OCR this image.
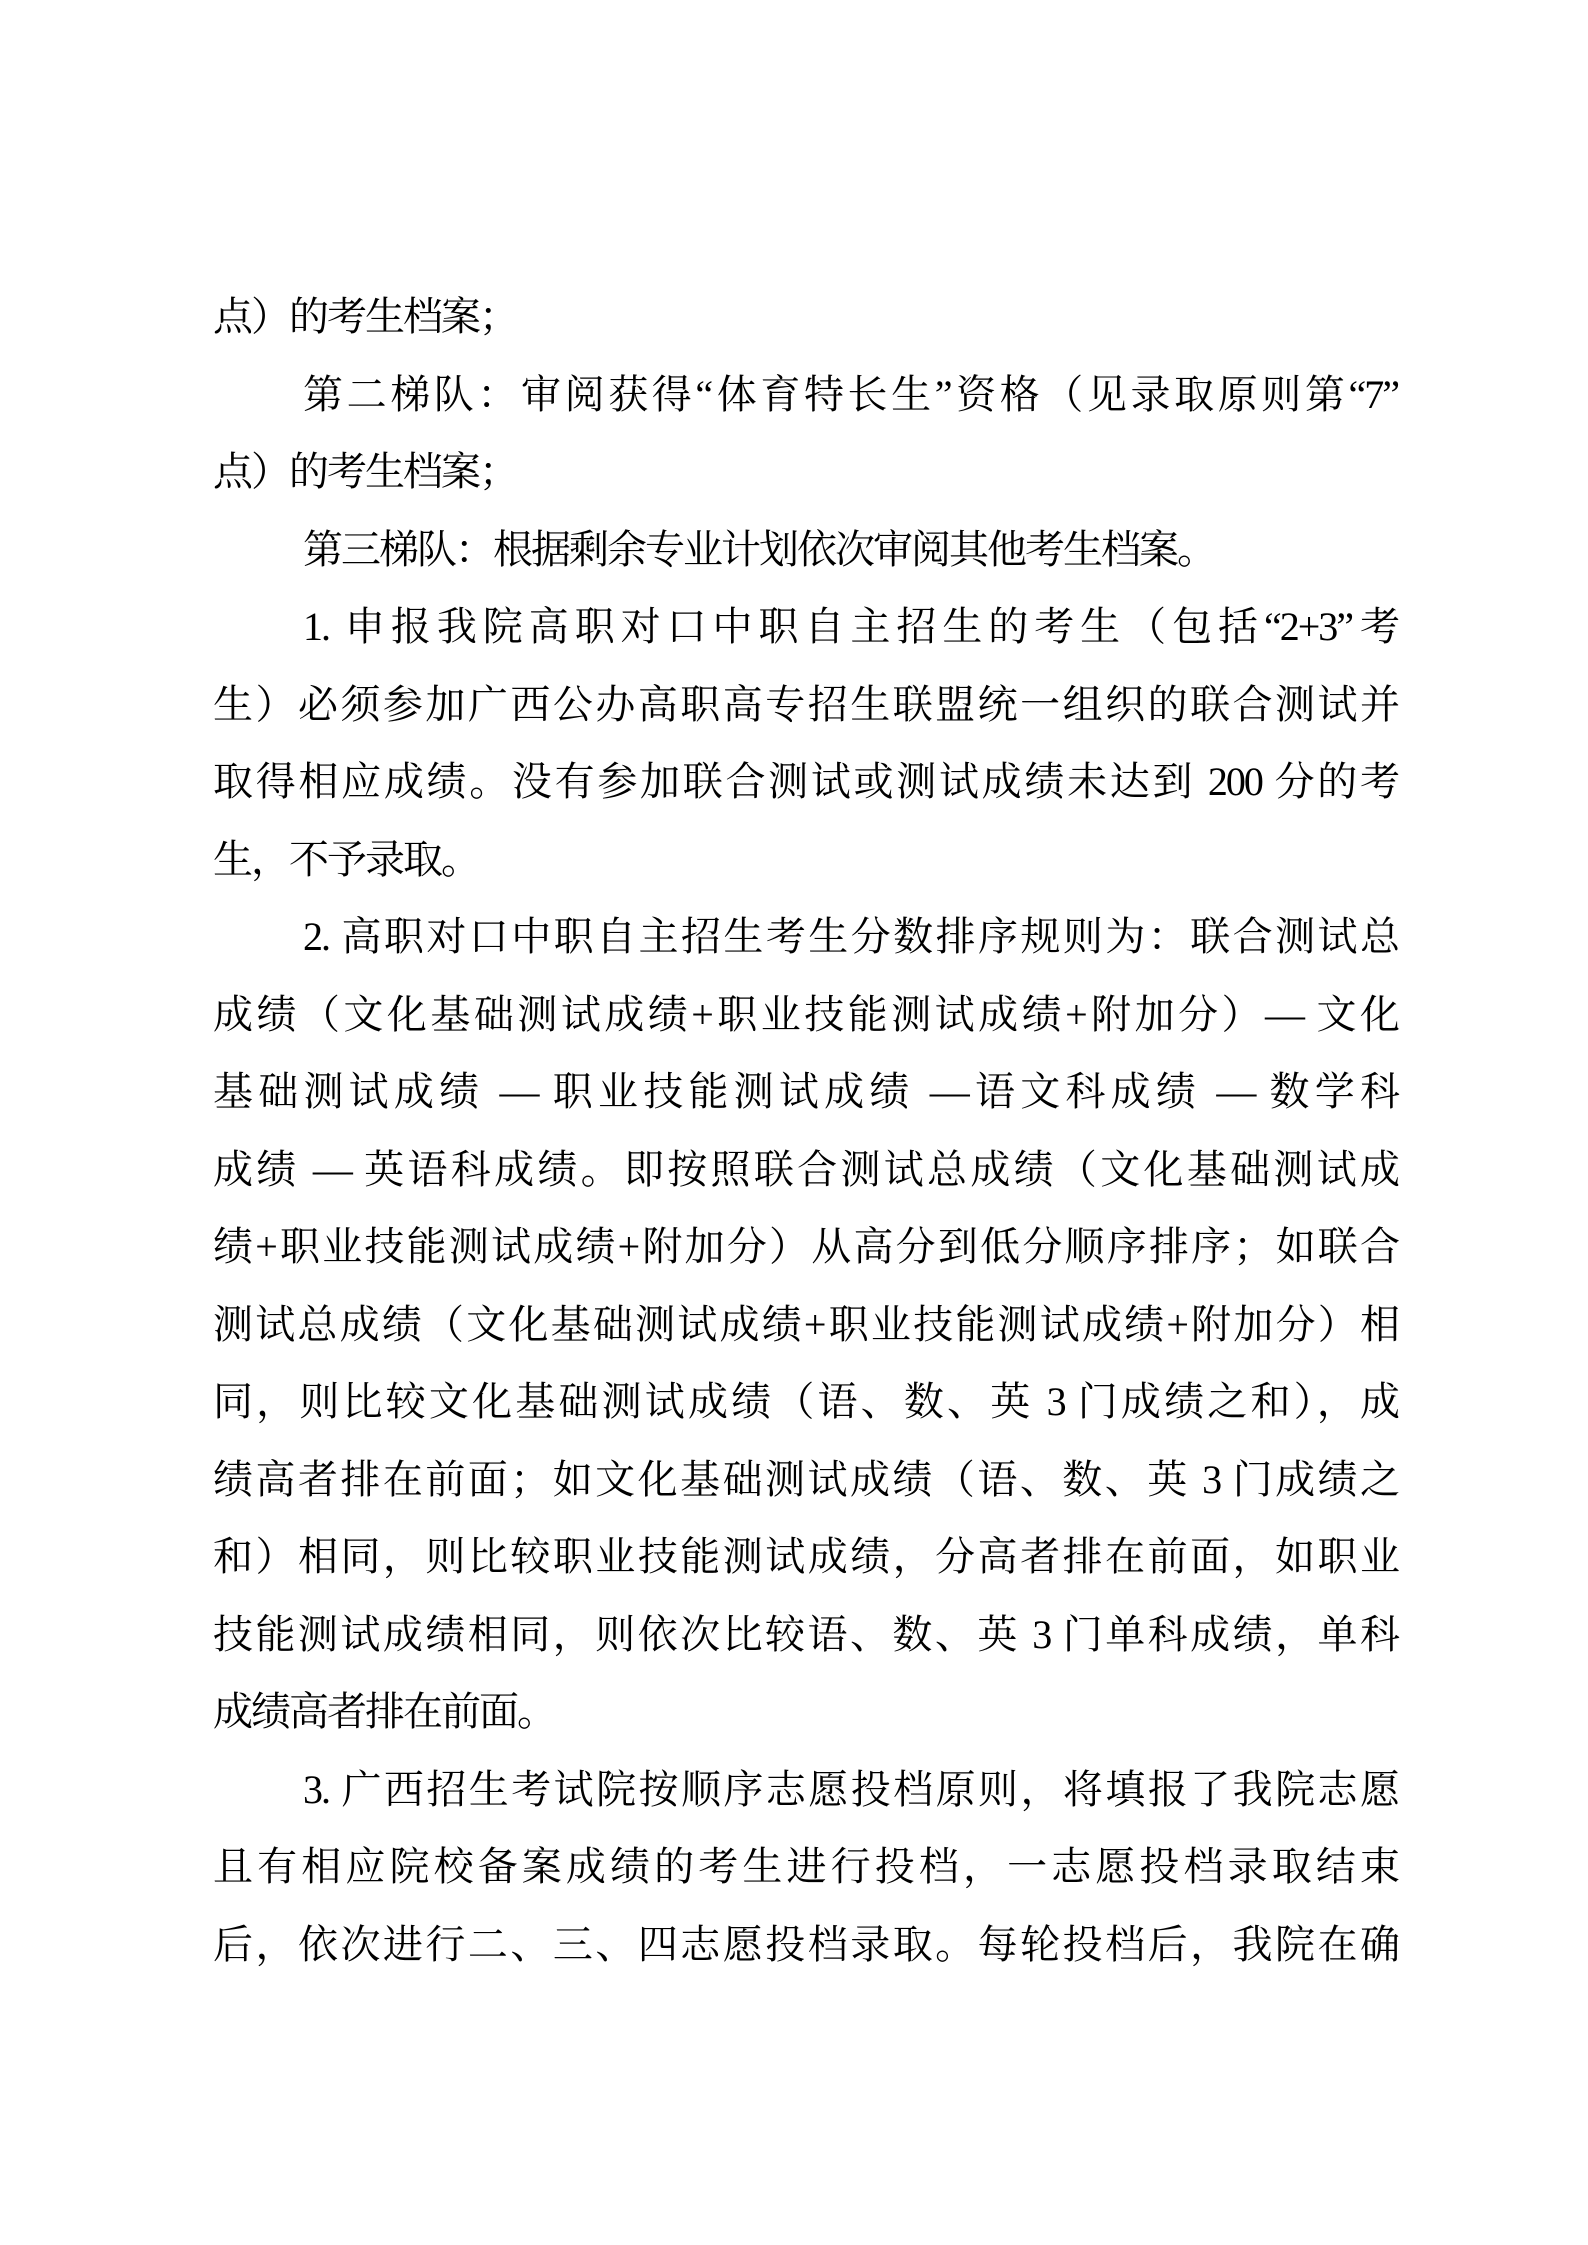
点）的考生档案；
第二梯队：审阅获得“体育特长生”资格（见录取原则第“7”
点）的考生档案；
第三梯队：根据剩余专业计划依次审阅其他考生档案。
1. 申报我院高职对口中职自主招生的考生（包括“2+3”考
生）必须参加广西公办高职高专招生联盟统一组织的联合测试并
取得相应成绩。没有参加联合测试或测试成绩未达到 200 分的考
生，不予录取。
2. 高职对口中职自主招生考生分数排序规则为：联合测试总
成绩（文化基础测试成绩+职业技能测试成绩+附加分）— 文化
基础测试成绩 — 职业技能测试成绩 —语文科成绩 — 数学科
成绩 — 英语科成绩。即按照联合测试总成绩（文化基础测试成
绩+职业技能测试成绩+附加分）从高分到低分顺序排序；如联合
测试总成绩（文化基础测试成绩+职业技能测试成绩+附加分）相
同，则比较文化基础测试成绩（语、数、英 3 门成绩之和），成
绩高者排在前面；如文化基础测试成绩（语、数、英 3 门成绩之
和）相同，则比较职业技能测试成绩，分高者排在前面，如职业
技能测试成绩相同，则依次比较语、数、英 3 门单科成绩，单科
成绩高者排在前面。
3. 广西招生考试院按顺序志愿投档原则，将填报了我院志愿
且有相应院校备案成绩的考生进行投档，一志愿投档录取结束
后，依次进行二、三、四志愿投档录取。每轮投档后，我院在确
